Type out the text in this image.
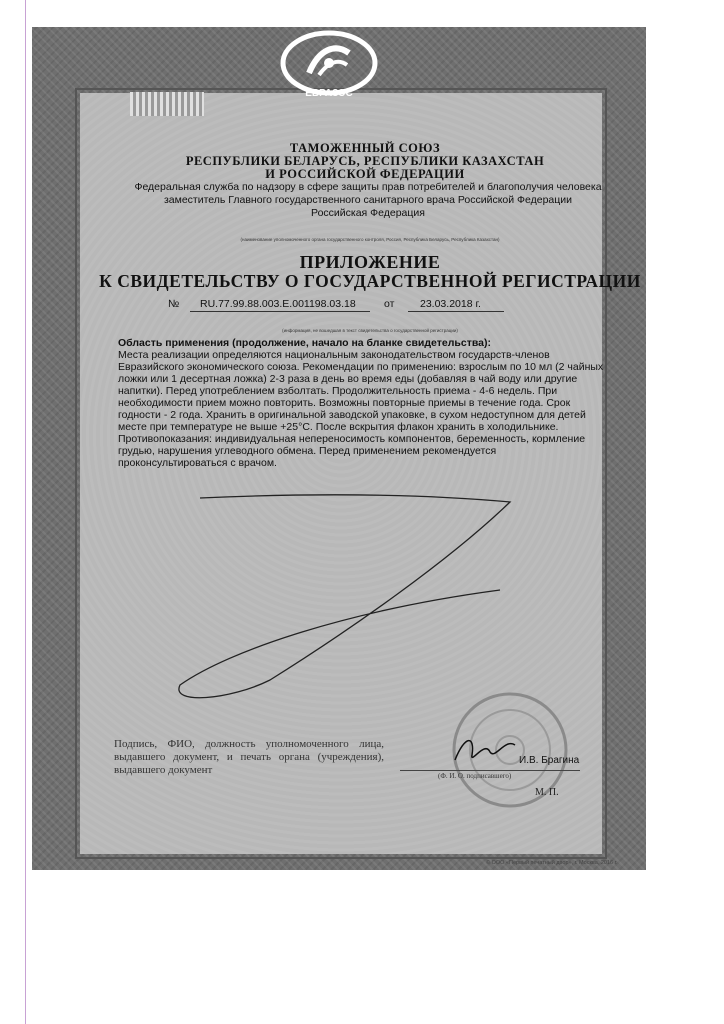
ЕВРАЗЭС
ТАМОЖЕННЫЙ СОЮЗ
РЕСПУБЛИКИ БЕЛАРУСЬ, РЕСПУБЛИКИ КАЗАХСТАН
И РОССИЙСКОЙ ФЕДЕРАЦИИ
Федеральная служба по надзору в сфере защиты прав потребителей и благополучия человека
заместитель Главного государственного санитарного врача Российской Федерации
Российская Федерация
(наименование уполномоченного органа государственного контроля, Россия, Республика Беларусь, Республика Казахстан)
ПРИЛОЖЕНИЕ
К СВИДЕТЕЛЬСТВУ О ГОСУДАРСТВЕННОЙ РЕГИСТРАЦИИ
№ RU.77.99.88.003.E.001198.03.18	от 23.03.2018 г.
(информация, не вошедшая в текст свидетельства о государственной регистрации)

Область применения (продолжение, начало на бланке свидетельства):

Места реализации определяются национальным законодательством государств-членов Евразийского экономического союза. Рекомендации по применению: взрослым по 10 мл (2 чайных ложки или 1 десертная ложка) 2-3 раза в день во время еды (добавляя в чай воду или другие напитки). Перед употреблением взболтать. Продолжительность приема - 4-6 недель. При необходимости прием можно повторить. Возможны повторные приемы в течение года. Срок годности - 2 года. Хранить в оригинальной заводской упаковке, в сухом недоступном для детей месте при температуре не выше +25°С. После вскрытия флакон хранить в холодильнике. Противопоказания: индивидуальная непереносимость компонентов, беременность, кормление грудью, нарушения углеводного обмена. Перед применением рекомендуется проконсультироваться с врачом.

Подпись, ФИО, должность уполномоченного лица, выдавшего документ, и печать органа (учреждения), выдавшего документ
И.В. Брагина
(Ф. И. О. подписавшего)
М. П.
© ООО «Первый печатный двор», г. Москва, 2016 г.
